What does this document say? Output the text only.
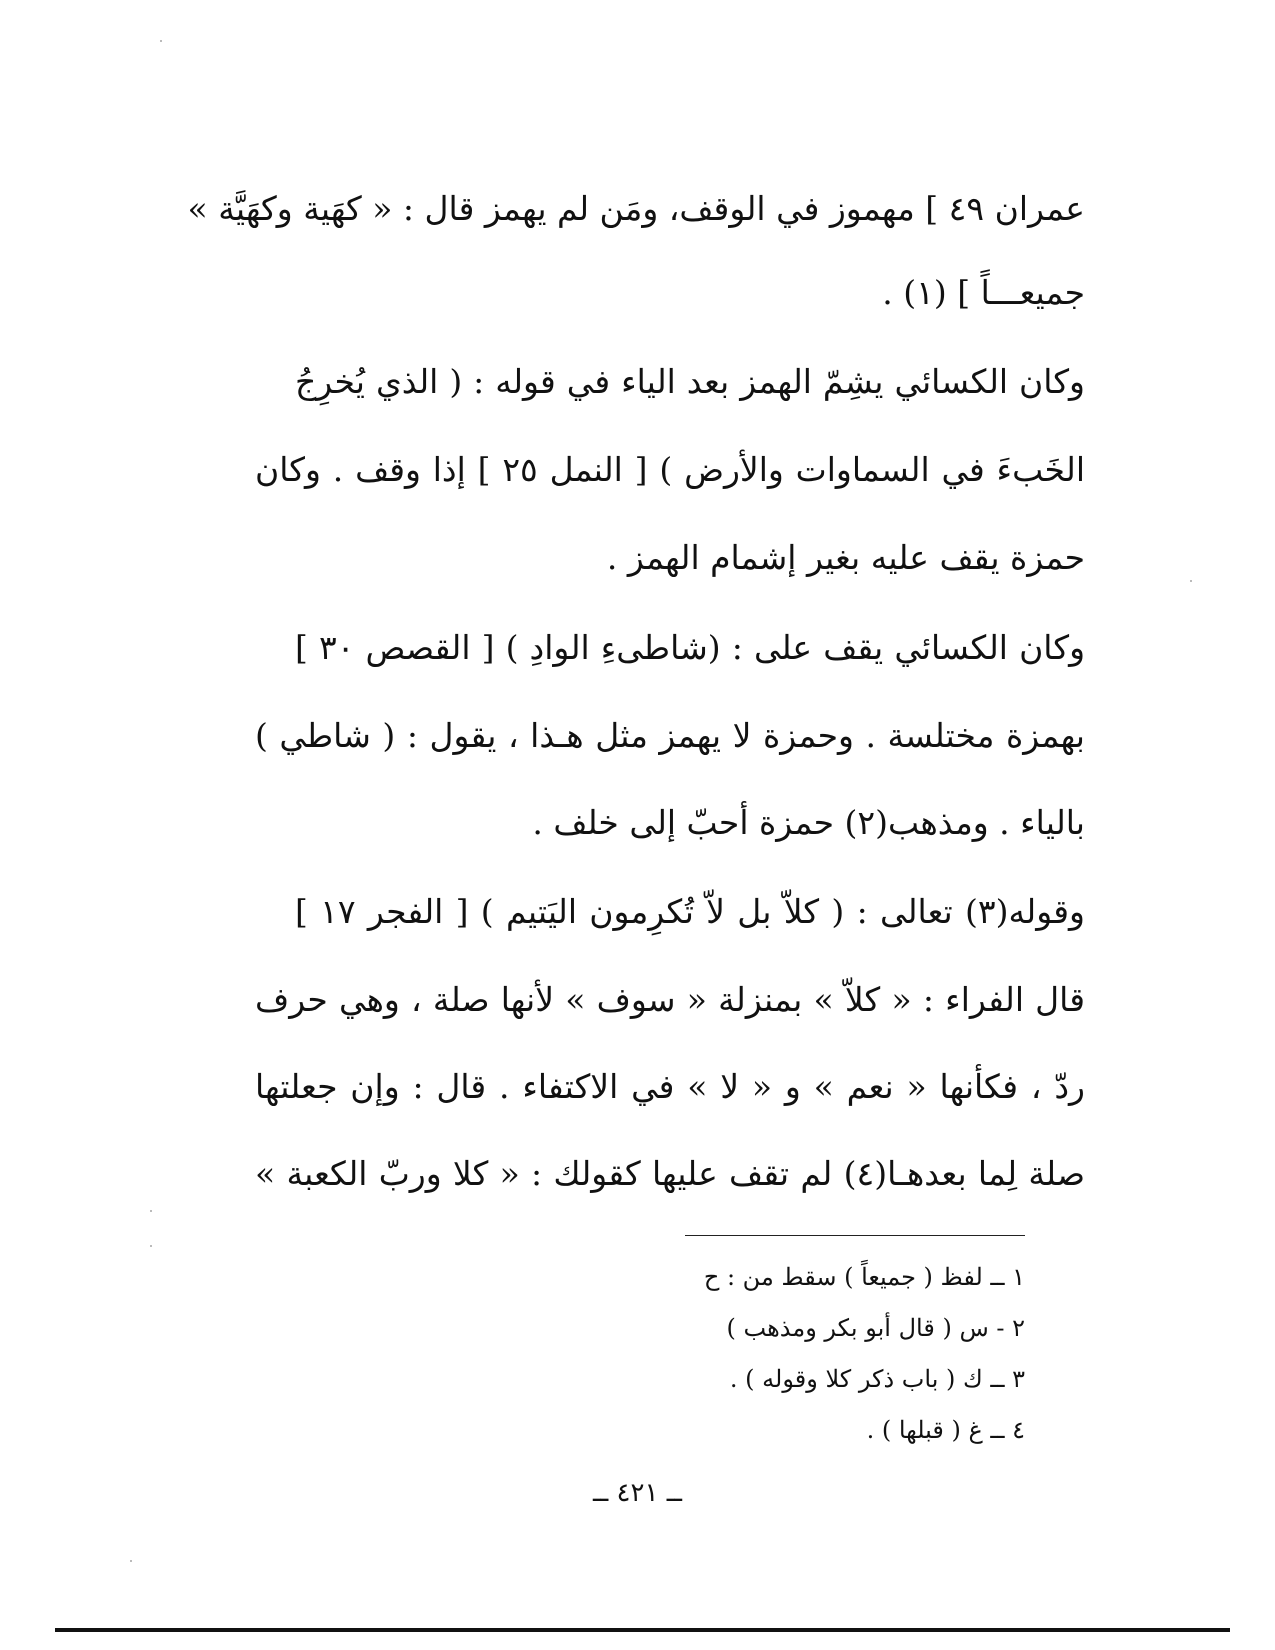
عمران ٤٩ ] مهموز في الوقف، ومَن لم يهمز قال : « كهَية وكهَيَّة »
جميعـــاً ] (١) .
وكان الكسائي يشِمّ الهمز بعد الياء في قوله : ( الذي يُخرِجُ
الخَبءَ في السماوات والأرض ) [ النمل ٢٥ ] إذا وقف . وكان
حمزة يقف عليه بغير إشمام الهمز .
وكان الكسائي يقف على : (شاطىءِ الوادِ ) [ القصص ٣٠ ]
بهمزة مختلسة . وحمزة لا يهمز مثل هـذا ، يقول : ( شاطي )
بالياء . ومذهب(٢) حمزة أحبّ إلى خلف .
وقوله(٣) تعالى : ( كلاّ بل لاّ تُكرِمون اليَتيم ) [ الفجر ١٧ ]
قال الفراء : « كلاّ » بمنزلة « سوف » لأنها صلة ، وهي حرف
ردّ ، فكأنها « نعم » و « لا » في الاكتفاء . قال : وإن جعلتها
صلة لِما بعدهـا(٤) لم تقف عليها كقولك : « كلا وربّ الكعبة »
١ ــ لفظ ( جميعاً ) سقط من : ح
٢ - س ( قال أبو بكر ومذهب )
٣ ــ ك ( باب ذكر كلا وقوله ) .
٤ ــ غ ( قبلها ) .
ــ ٤٢١ ــ
